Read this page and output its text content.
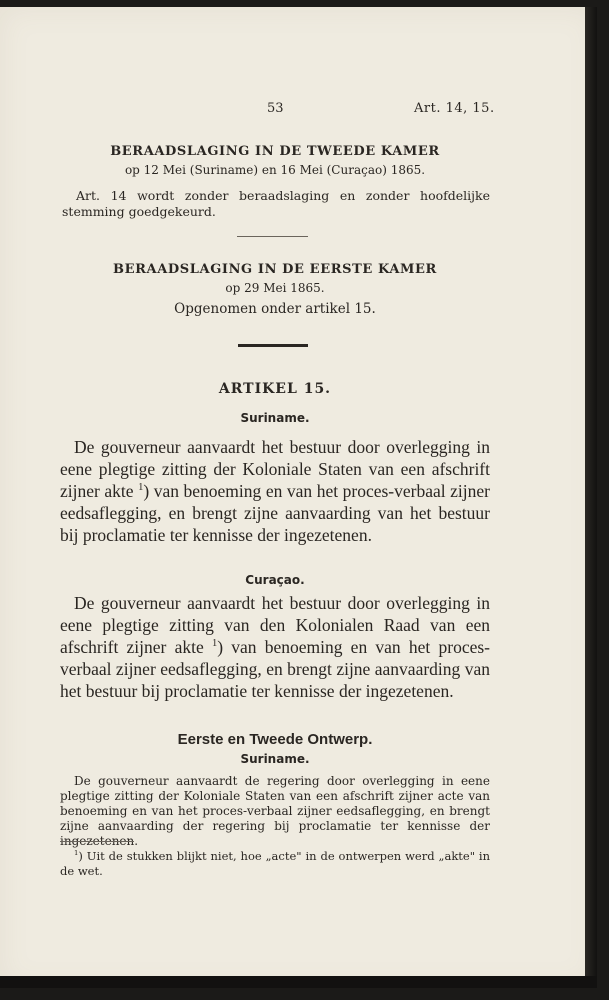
53	Art. 14, 15.
BERAADSLAGING IN DE TWEEDE KAMER
op 12 Mei (Suriname) en 16 Mei (Curaçao) 1865.
Art. 14 wordt zonder beraadslaging en zonder hoofdelijke stemming goedgekeurd.
BERAADSLAGING IN DE EERSTE KAMER
op 29 Mei 1865.
Opgenomen onder artikel 15.
ARTIKEL 15.
Suriname.
De gouverneur aanvaardt het bestuur door overlegging in eene plegtige zitting der Koloniale Staten van een afschrift zijner akte $^1$) van benoeming en van het proces-verbaal zijner eedsaflegging, en brengt zijne aanvaarding van het bestuur bij proclamatie ter kennisse der ingezetenen.
Curaçao.
De gouverneur aanvaardt het bestuur door overlegging in eene plegtige zitting van den Kolonialen Raad van een afschrift zijner akte $^1$) van benoeming en van het proces-verbaal zijner eedsaflegging, en brengt zijne aanvaarding van het bestuur bij proclamatie ter kennisse der ingezetenen.
Eerste en Tweede Ontwerp.
Suriname.
De gouverneur aanvaardt de regering door overlegging in eene plegtige zitting der Koloniale Staten van een afschrift zijner acte van benoeming en van het proces-verbaal zijner eedsaflegging, en brengt zijne aanvaarding der regering bij proclamatie ter kennisse der ingezetenen.
$^1$) Uit de stukken blijkt niet, hoe „acte" in de ontwerpen werd „akte" in de wet.
